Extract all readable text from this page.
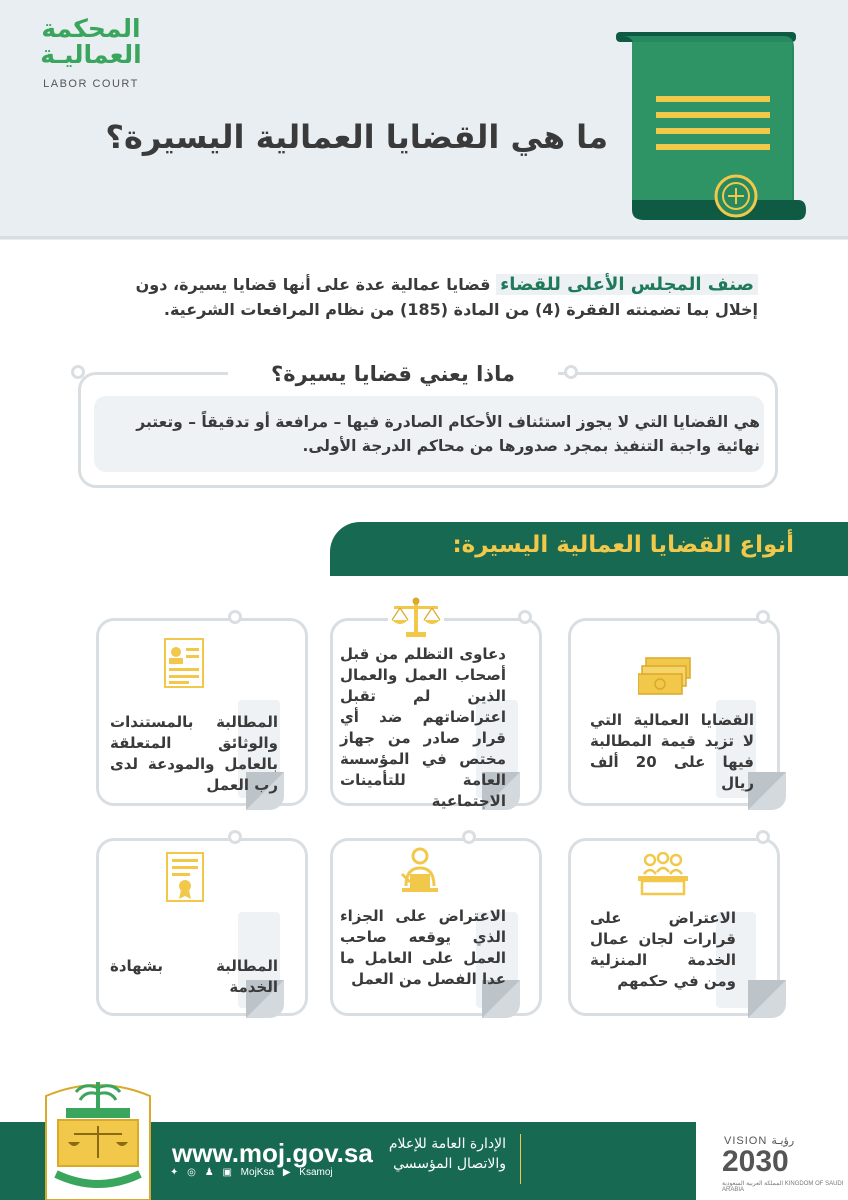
المحكمة
العماليـة
LABOR COURT
ما هي القضايا العمالية اليسيرة؟
صنف المجلس الأعلى للقضاء قضايا عمالية عدة على أنها قضايا يسيرة، دون إخلال بما تضمنته الفقرة (4) من المادة (185) من نظام المرافعات الشرعية.
ماذا يعني قضايا يسيرة؟
هي القضايا التي لا يجوز استئناف الأحكام الصادرة فيها – مرافعة أو تدقيقاً – وتعتبر نهائية واجبة التنفيذ بمجرد صدورها من محاكم الدرجة الأولى.
أنواع القضايا العمالية اليسيرة:
القضايا العمالية التي لا تزيد قيمة المطالبة فيها على 20 ألف ريال
دعاوى التظلم من قبل أصحاب العمل والعمال الذين لم تقبل اعتراضاتهم ضد أي قرار صادر من جهاز مختص في المؤسسة العامة للتأمينات الاجتماعية
المطالبة بالمستندات والوثائق المتعلقة بالعامل والمودعة لدى رب العمل
الاعتراض على قرارات لجان عمال الخدمة المنزلية ومن في حكمهم
الاعتراض على الجزاء الذي يوقعه صاحب العمل على العامل ما عدا الفصل من العمل
المطالبة بشهادة الخدمة
www.moj.gov.sa
✦ ◎ ♟ ▣ MojKsa ▶ Ksamoj
الإدارة العامة للإعلام
والاتصال المؤسسي
VISION رؤيـة
2030
المملكة العربية السعودية KINGDOM OF SAUDI ARABIA
